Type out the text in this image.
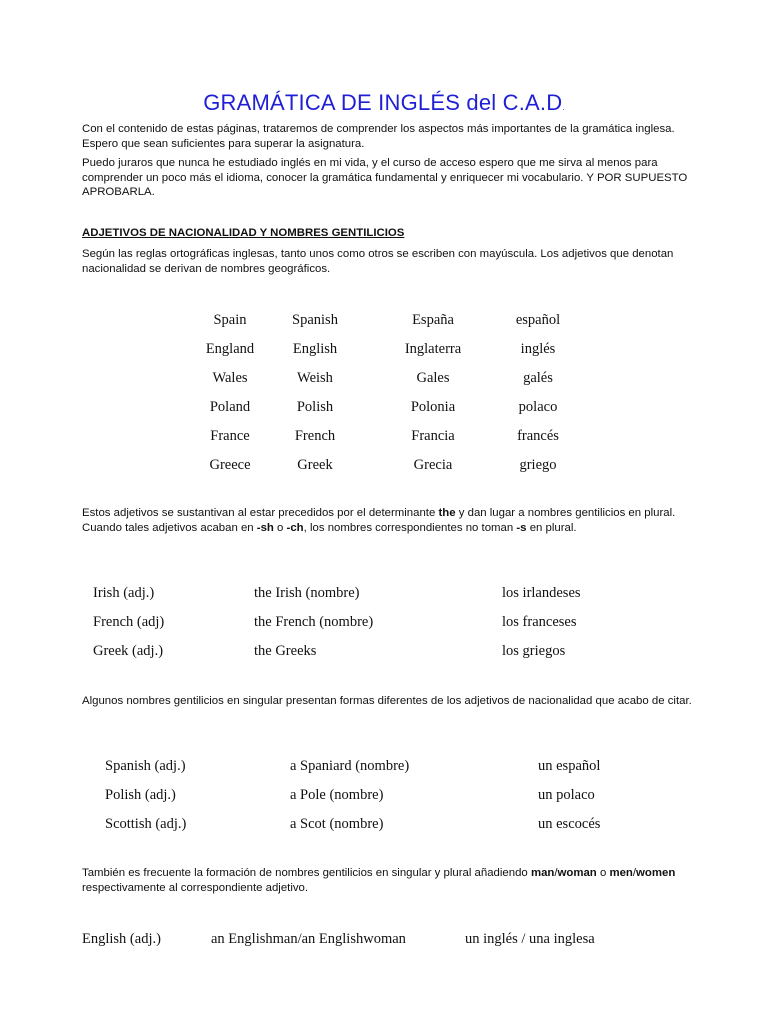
GRAMÁTICA DE INGLÉS del C.A.D.
Con el contenido de estas páginas, trataremos de comprender los aspectos más importantes de la gramática inglesa. Espero que sean suficientes para superar la asignatura.
Puedo juraros que nunca he estudiado inglés en mi vida, y el curso de acceso espero que me sirva al menos para comprender un poco más el idioma, conocer la gramática fundamental y enriquecer mi vocabulario. Y POR SUPUESTO APROBARLA.
ADJETIVOS DE NACIONALIDAD Y NOMBRES GENTILICIOS
Según las reglas ortográficas inglesas, tanto unos como otros se escriben con mayúscula. Los adjetivos que denotan nacionalidad se derivan de nombres geográficos.
Spain	Spanish	España	español
England	English	Inglaterra	inglés
Wales	Weish	Gales	galés
Poland	Polish	Polonia	polaco
France	French	Francia	francés
Greece	Greek	Grecia	griego
Estos adjetivos se sustantivan al estar precedidos por el determinante the y dan lugar a nombres gentilicios en plural. Cuando tales adjetivos acaban en -sh o -ch, los nombres correspondientes no toman -s en plural.
Irish (adj.)	the Irish (nombre)	los irlandeses
French (adj)	the French (nombre)	los franceses
Greek (adj.)	the Greeks	los griegos
Algunos nombres gentilicios en singular presentan formas diferentes de los adjetivos de nacionalidad que acabo de citar.
Spanish (adj.)	a Spaniard (nombre)	un español
Polish (adj.)	a Pole (nombre)	un polaco
Scottish (adj.)	a Scot (nombre)	un escocés
También es frecuente la formación de nombres gentilicios en singular y plural añadiendo man/woman o men/women respectivamente al correspondiente adjetivo.
English (adj.)	an Englishman/an Englishwoman	un inglés / una inglesa
